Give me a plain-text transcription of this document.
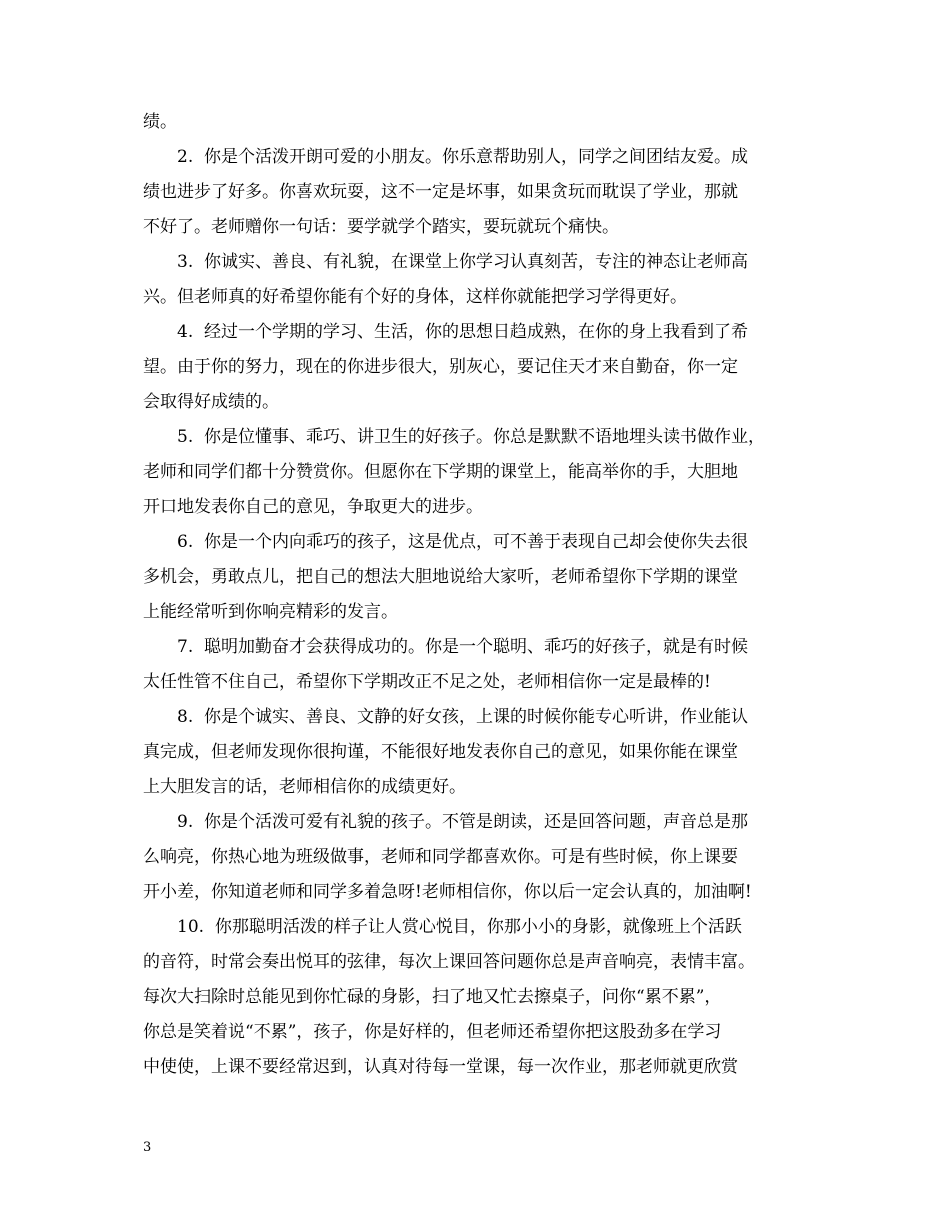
绩。
　　2.  你是个活泼开朗可爱的小朋友。你乐意帮助别人，同学之间团结友爱。成
绩也进步了好多。你喜欢玩耍，这不一定是坏事，如果贪玩而耽误了学业，那就
不好了。老师赠你一句话：要学就学个踏实，要玩就玩个痛快。
　　3.  你诚实、善良、有礼貌，在课堂上你学习认真刻苦，专注的神态让老师高
兴。但老师真的好希望你能有个好的身体，这样你就能把学习学得更好。
　　4.  经过一个学期的学习、生活，你的思想日趋成熟，在你的身上我看到了希
望。由于你的努力，现在的你进步很大，别灰心，要记住天才来自勤奋，你一定
会取得好成绩的。
　　5.  你是位懂事、乖巧、讲卫生的好孩子。你总是默默不语地埋头读书做作业，
老师和同学们都十分赞赏你。但愿你在下学期的课堂上，能高举你的手，大胆地
开口地发表你自己的意见，争取更大的进步。
　　6.  你是一个内向乖巧的孩子，这是优点，可不善于表现自己却会使你失去很
多机会，勇敢点儿，把自己的想法大胆地说给大家听，老师希望你下学期的课堂
上能经常听到你响亮精彩的发言。
　　7.  聪明加勤奋才会获得成功的。你是一个聪明、乖巧的好孩子，就是有时候
太任性管不住自己，希望你下学期改正不足之处，老师相信你一定是最棒的!
　　8.  你是个诚实、善良、文静的好女孩，上课的时候你能专心听讲，作业能认
真完成，但老师发现你很拘谨，不能很好地发表你自己的意见，如果你能在课堂
上大胆发言的话，老师相信你的成绩更好。
　　9.  你是个活泼可爱有礼貌的孩子。不管是朗读，还是回答问题，声音总是那
么响亮，你热心地为班级做事，老师和同学都喜欢你。可是有些时候，你上课要
开小差，你知道老师和同学多着急呀!老师相信你，你以后一定会认真的，加油啊!
　　10.  你那聪明活泼的样子让人赏心悦目，你那小小的身影，就像班上个活跃
的音符，时常会奏出悦耳的弦律，每次上课回答问题你总是声音响亮，表情丰富。
每次大扫除时总能见到你忙碌的身影，扫了地又忙去擦桌子，问你“累不累”，
你总是笑着说“不累”，孩子，你是好样的，但老师还希望你把这股劲多在学习
中使使，上课不要经常迟到，认真对待每一堂课，每一次作业，那老师就更欣赏
3
